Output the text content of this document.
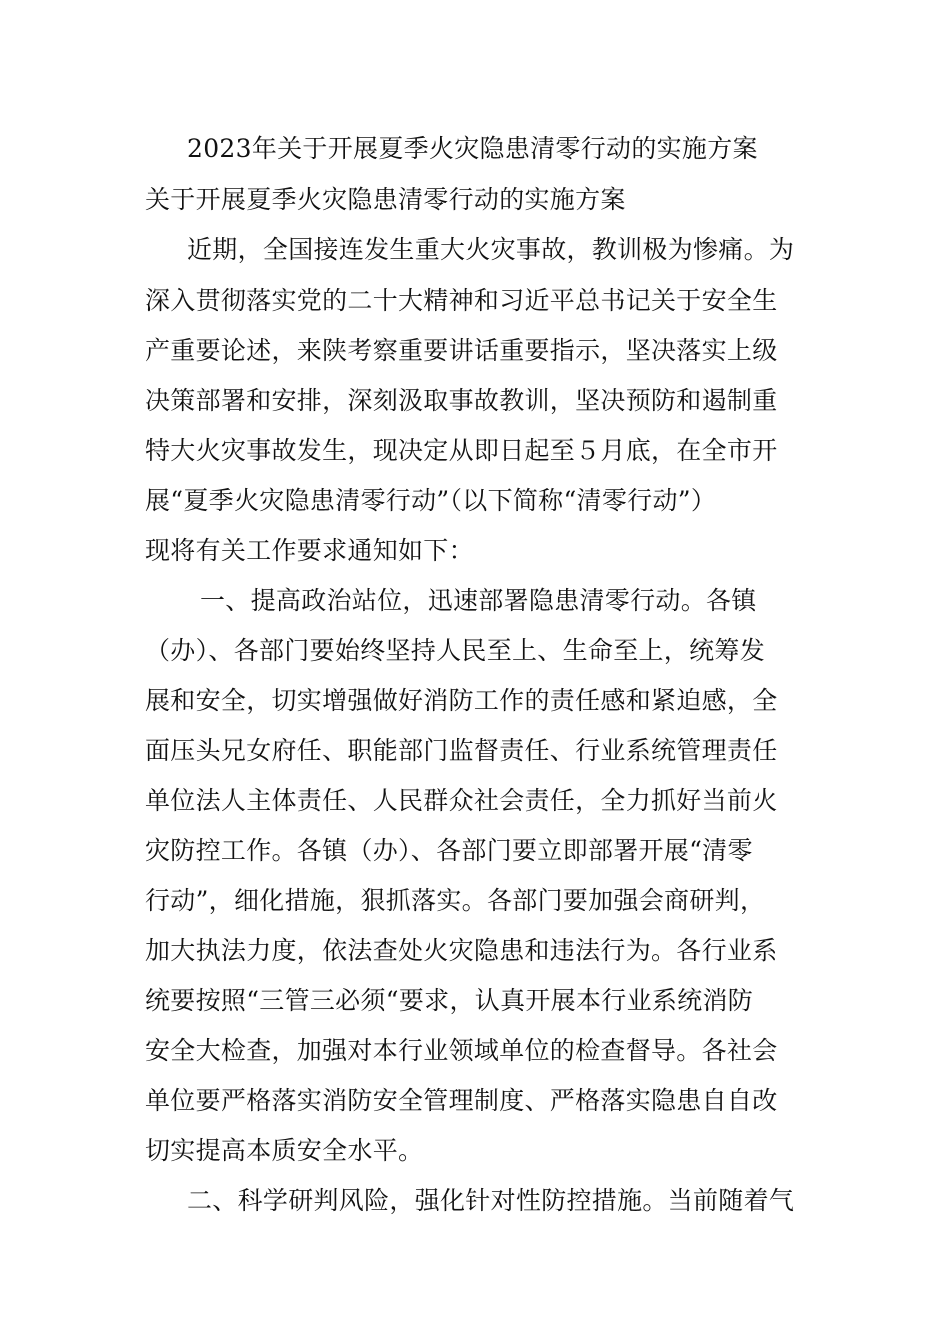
2023年关于开展夏季火灾隐患清零行动的实施方案
关于开展夏季火灾隐患清零行动的实施方案
近期，全国接连发生重大火灾事故，教训极为惨痛。为
深入贯彻落实党的二十大精神和习近平总书记关于安全生
产重要论述，来陕考察重要讲话重要指示，坚决落实上级
决策部署和安排，深刻汲取事故教训，坚决预防和遏制重
特大火灾事故发生，现决定从即日起至５月底，在全市开
展“夏季火灾隐患清零行动”（以下简称“清零行动”）
现将有关工作要求通知如下：
一、提高政治站位，迅速部署隐患清零行动。各镇
（办）、各部门要始终坚持人民至上、生命至上，统筹发
展和安全，切实增强做好消防工作的责任感和紧迫感，全
面压头兄女府任、职能部门监督责任、行业系统管理责任
单位法人主体责任、人民群众社会责任，全力抓好当前火
灾防控工作。各镇（办）、各部门要立即部署开展“清零
行动”，细化措施，狠抓落实。各部门要加强会商研判，
加大执法力度，依法查处火灾隐患和违法行为。各行业系
统要按照“三管三必须“要求，认真开展本行业系统消防
安全大检查，加强对本行业领域单位的检查督导。各社会
单位要严格落实消防安全管理制度、严格落实隐患自自改
切实提高本质安全水平。
二、科学研判风险，强化针对性防控措施。当前随着气
